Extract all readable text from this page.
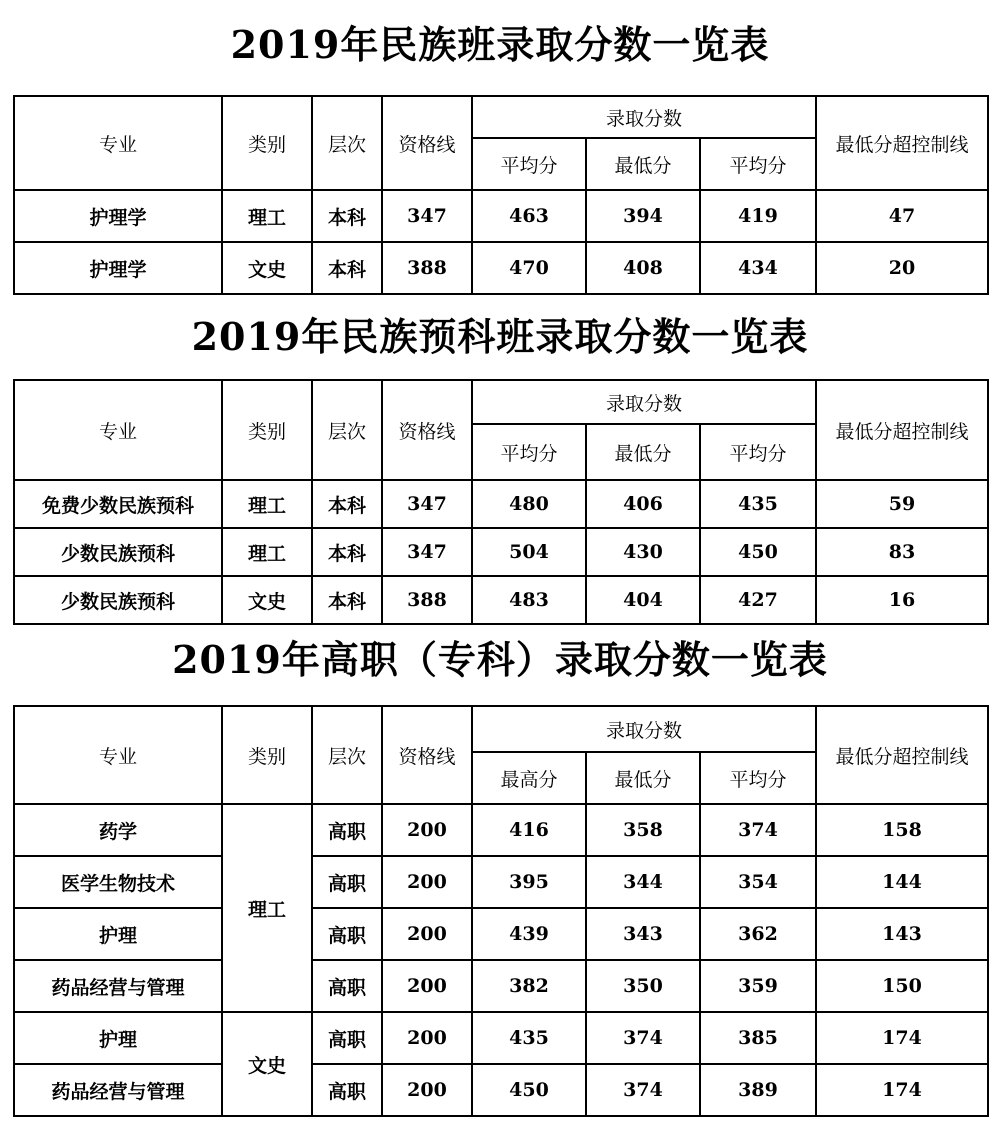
2019年民族班录取分数一览表
专业	类别	层次	资格线	录取分数			最低分超控制线
				平均分	最低分	平均分	
护理学	理工	本科	347	463	394	419	47
护理学	文史	本科	388	470	408	434	20
2019年民族预科班录取分数一览表
专业	类别	层次	资格线	录取分数			最低分超控制线
				平均分	最低分	平均分	
免费少数民族预科	理工	本科	347	480	406	435	59
少数民族预科	理工	本科	347	504	430	450	83
少数民族预科	文史	本科	388	483	404	427	16
2019年高职（专科）录取分数一览表
专业	类别	层次	资格线	录取分数			最低分超控制线
				最高分	最低分	平均分	
药学	理工	高职	200	416	358	374	158
医学生物技术		高职	200	395	344	354	144
护理		高职	200	439	343	362	143
药品经营与管理		高职	200	382	350	359	150
护理	文史	高职	200	435	374	385	174
药品经营与管理		高职	200	450	374	389	174
